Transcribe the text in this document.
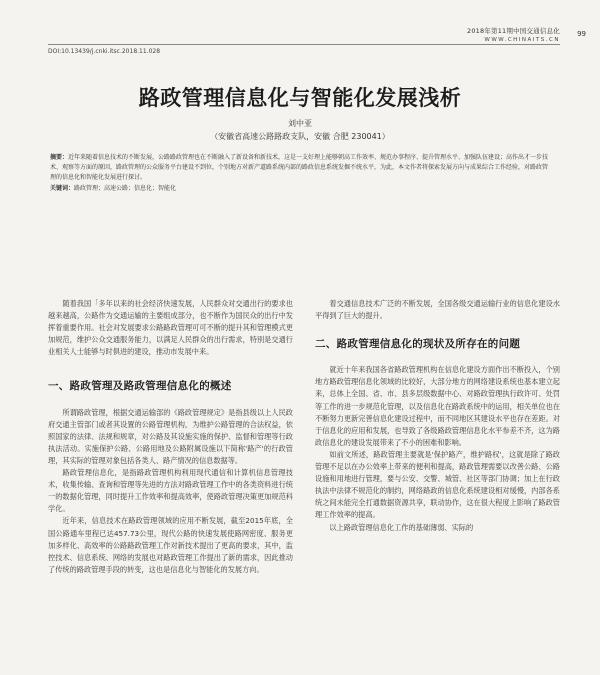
2018年第11期中国交通信息化
WWW.CHINAITS.CN
99
DOI:10.13439/j.cnki.itsc.2018.11.028
路政管理信息化与智能化发展浅析
刘中亚
（安徽省高速公路路政支队，安徽 合肥 230041）
摘要：近年来随着信息技术的不断发展，公路路政管理也在不断融入了新设备和新技术，这是一支好理上能够朝高工作效率、规范办事程序、提升管理水平、加强队伍建设；高作出才一步技术、观察等方面的原因，路政管理的公众服务平台建设不到位，个别地方对新产道路系统内部的路政信息系统发掘不统水平，为此，本文作者将探索发展方向与成果综合工作经验，对路政管理的信息化和智能化发展进行探讨。
关键词：路政管理；高速公路；信息化；智能化

随着我国「多年以来的社会经济快速发展，人民群众对交通出行的要求也越来越高，公路作为交通运输的主要组成部分，也不断作为国民众的出行中发挥着重要作用。社会对发展要求公路路政管理可可不断的提升其和管理模式更加规范，维护公众交通服务能力，以满足人民群众的出行需求，特别是交通行业相关人士能够与时俱进的建设，推动市发展中来。

一、路政管理及路政管理信息化的概述

所谓路政管理，根据交通运输部的《路政管理规定》是指县级以上人民政府交通主管部门或者其设置的公路管理机构，为维护公路管理的合法权益，依照国家的法律、法规和规章，对公路及其设施实施的保护、监督和管理等行政执法活动。实施保护公路、公路用地及公路附属设施以下简称'路产'的行政管理，其实际的管理对象包括各类人、路产情况的信息数据等。

路政管理信息化，是指路政管理机构利用现代通信和计算机信息管理技术，收集传输、查询和管理等先进的方法对路政管理工作中的各类资料进行统一的数据化管理，同时提升工作效率和提高效率，使路政管理决策更加规范科学化。

近年来，信息技术在路政管理领域的应用不断发展，截至2015年底，全国公路通车里程已达457.73公里，现代公路的快速发展使路网密度、服务更加多样化、高效率的公路路政管理工作对新技术提出了更高的要求，其中，监控技术、信息系统、网络的发展也对路政管理工作提出了新的需求，因此推动了传统的路政管理手段的转变，这也是信息化与智能化的发展方向。

着交通信息技术广泛的不断发展，全国各级交通运输行业的信息化建设水平得到了巨大的提升。

二、路政管理信息化的现状及所存在的问题

就近十年来我国各省路政管理机构在信息化建设方面作出不断投入，个别地方路政管理信息化领域的比较好，大部分地方的网络建设系统也基本建立起来，总体上全国、省、市、县多层级数据中心、对路政管理执行政许可、处罚等工作的进一步规范化管理，以及信息化在路政系统中的运用，相关单位也在不断努力更新完善信息化建设过程中，而不同地区其建设水平也存在差距。对于信息化的应用和发展，也导致了各级路政管理信息化水平参差不齐，这为路政信息化的建设发展带来了不小的困难和影响。

如前文所述，路政管理主要就是'保护路产，维护路权'，这就是除了路政管理不足以在办公效率上带来的便利和提高，路政管理需要以改善公路、公路设施和用地进行管理，要与公安、交警、城管、社区等部门协调；加上在行政执法中法律不规范化的制约，网络路政的信息化系统建设相对缓慢，内部各系统之间未能完全打通数据资源共享，联动协作，这在很大程度上影响了路政管理工作效率的提高。

以上路政管理信息化工作的基础薄弱、实际的
